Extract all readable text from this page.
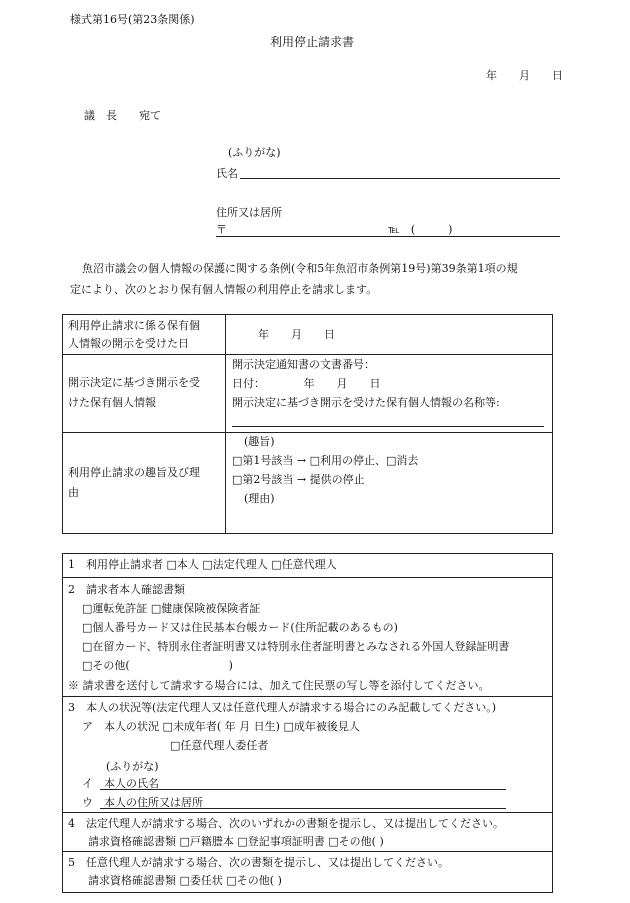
様式第16号(第23条関係)
利用停止請求書
年　　月　　日
議　長　　宛て
(ふりがな)
氏名
住所又は居所
〒	℡　(　　　)
魚沼市議会の個人情報の保護に関する条例(令和5年魚沼市条例第19号)第39条第1項の規
定により、次のとおり保有個人情報の利用停止を請求します。
利用停止請求に係る保有個
人情報の開示を受けた日
年　　月　　日
開示決定に基づき開示を受
けた保有個人情報
開示決定通知書の文書番号：
日付：　　　　年　　月　　日
開示決定に基づき開示を受けた保有個人情報の名称等:
利用停止請求の趣旨及び理
由
(趣旨)
□第1号該当 → □利用の停止、□消去
□第2号該当 → 提供の停止
(理由)
1　利用停止請求者 □本人 □法定代理人 □任意代理人
2　請求者本人確認書類
□運転免許証 □健康保険被保険者証
□個人番号カード又は住民基本台帳カード(住所記載のあるもの)
□在留カード、特別永住者証明書又は特別永住者証明書とみなされる外国人登録証明書
□その他(　　　　　　　　　)
※ 請求書を送付して請求する場合には、加えて住民票の写し等を添付してください。
3　本人の状況等(法定代理人又は任意代理人が請求する場合にのみ記載してください。)
ア　本人の状況 □未成年者( 年 月 日生) □成年被後見人
□任意代理人委任者
(ふりがな)
イ　本人の氏名
ウ　本人の住所又は居所
4　法定代理人が請求する場合、次のいずれかの書類を提示し、又は提出してください。
請求資格確認書類 □戸籍謄本 □登記事項証明書 □その他( )
5　任意代理人が請求する場合、次の書類を提示し、又は提出してください。
請求資格確認書類 □委任状 □その他( )
